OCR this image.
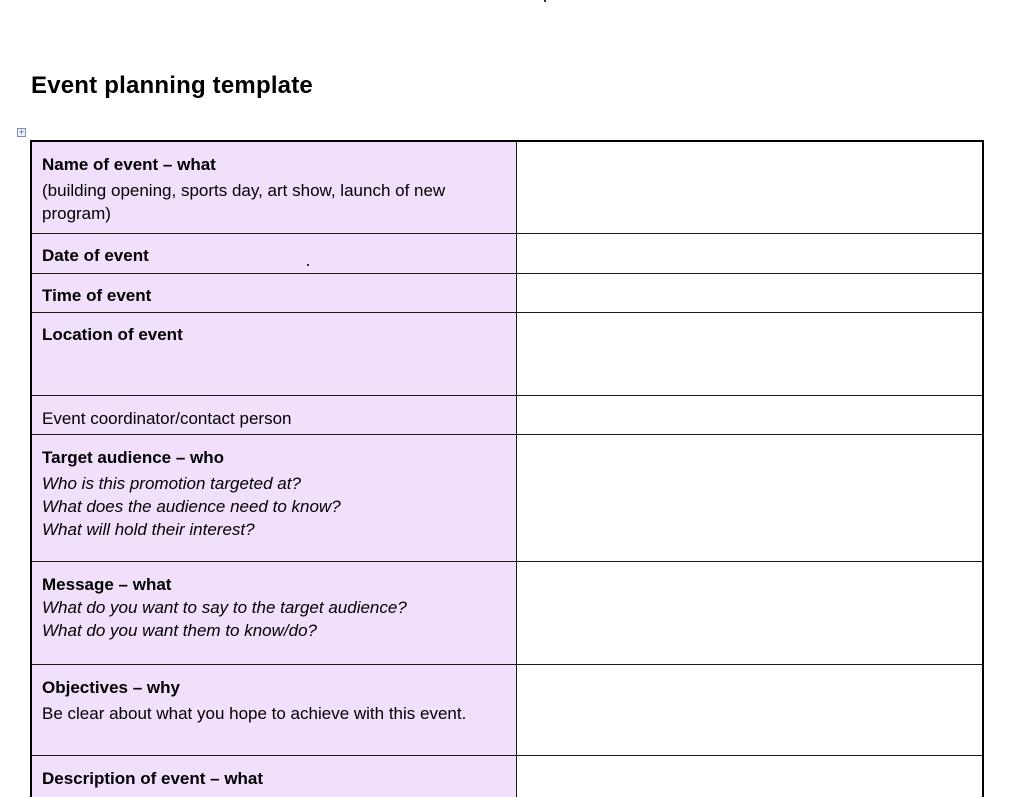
Event planning template
+
Name of event – what
(building opening, sports day, art show, launch of new program)	

Date of event	

Time of event	

Location of event	

Event coordinator/contact person	

Target audience – who
Who is this promotion targeted at?
What does the audience need to know?
What will hold their interest?	

Message – what
What do you want to say to the target audience?
What do you want them to know/do?	

Objectives – why
Be clear about what you hope to achieve with this event.	

Description of event – what	
